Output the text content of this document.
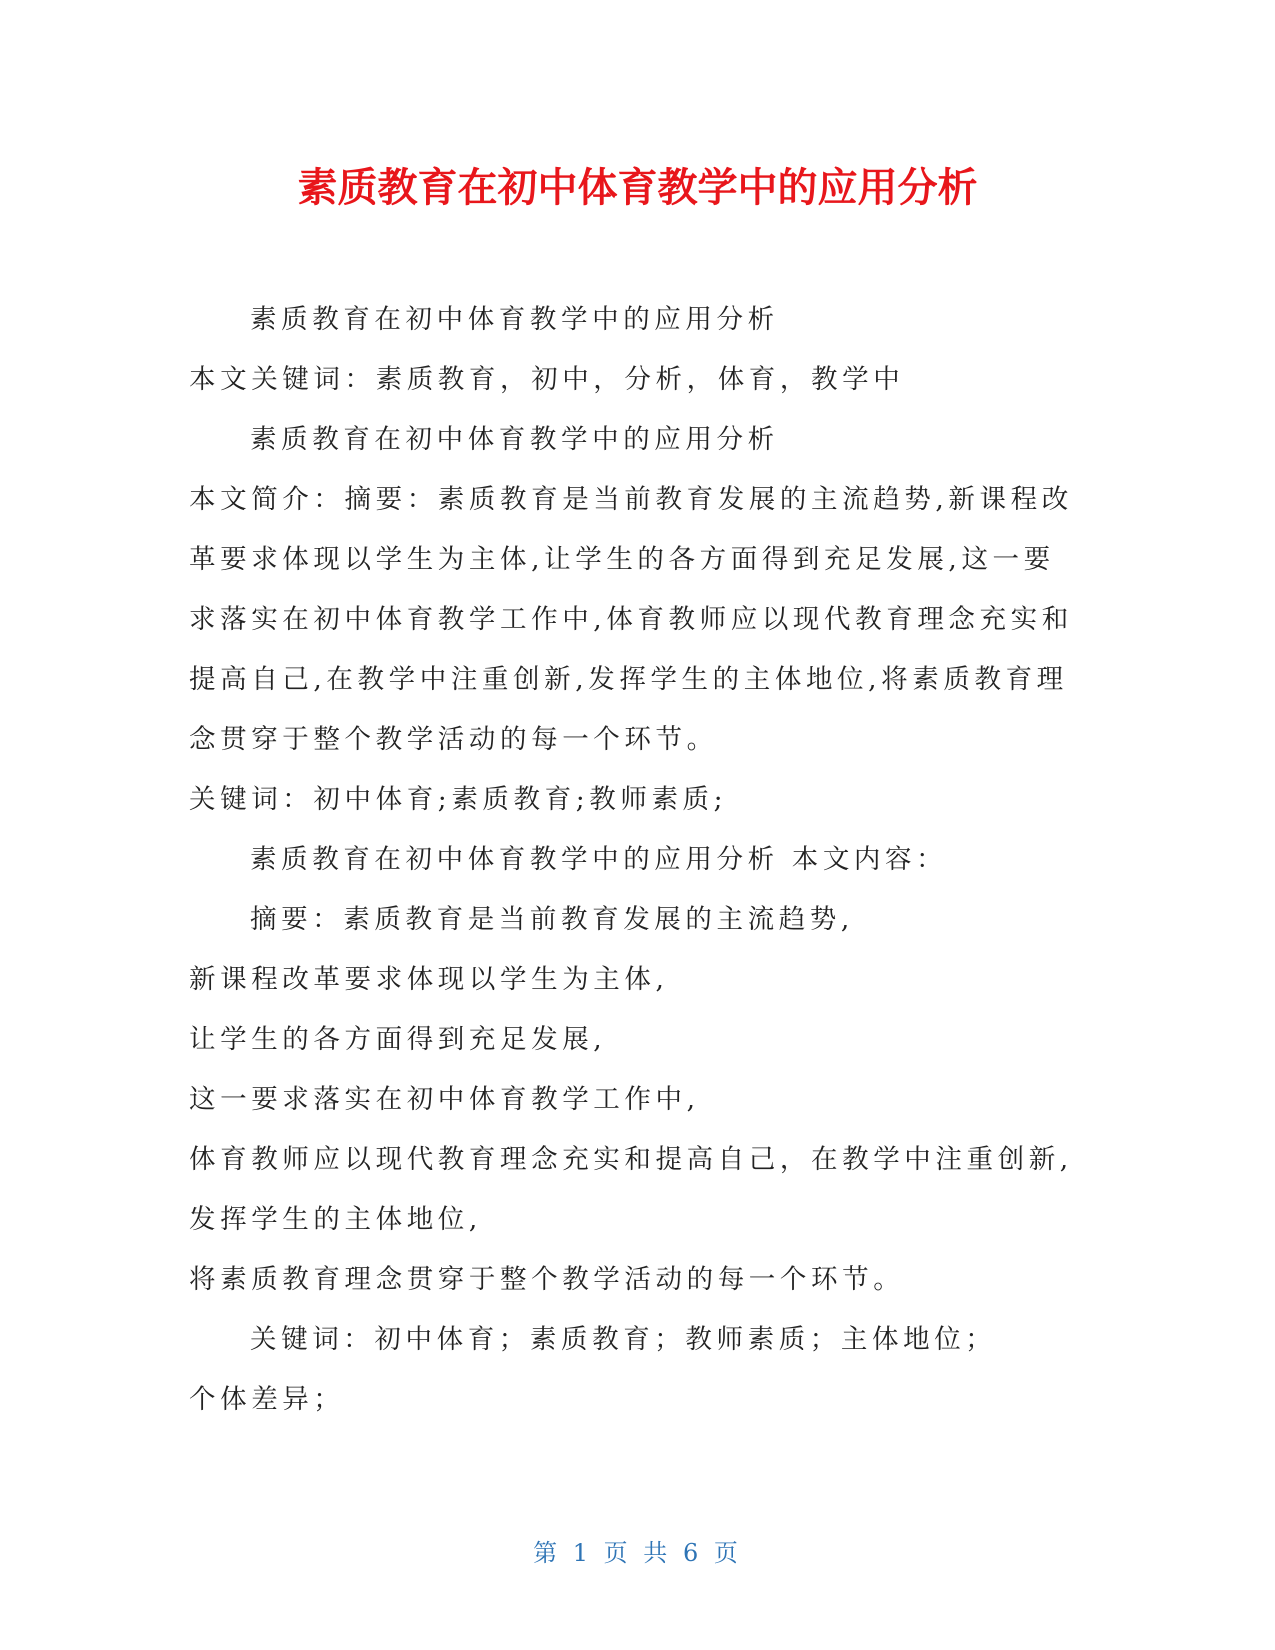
素质教育在初中体育教学中的应用分析
素质教育在初中体育教学中的应用分析
本文关键词：素质教育，初中，分析，体育，教学中
素质教育在初中体育教学中的应用分析
本文简介：摘要：素质教育是当前教育发展的主流趋势,新课程改
革要求体现以学生为主体,让学生的各方面得到充足发展,这一要
求落实在初中体育教学工作中,体育教师应以现代教育理念充实和
提高自己,在教学中注重创新,发挥学生的主体地位,将素质教育理
念贯穿于整个教学活动的每一个环节。
关键词：初中体育;素质教育;教师素质;
素质教育在初中体育教学中的应用分析 本文内容：
摘要：素质教育是当前教育发展的主流趋势,
新课程改革要求体现以学生为主体,
让学生的各方面得到充足发展,
这一要求落实在初中体育教学工作中,
体育教师应以现代教育理念充实和提高自己，在教学中注重创新,
发挥学生的主体地位,
将素质教育理念贯穿于整个教学活动的每一个环节。
关键词：初中体育；素质教育；教师素质；主体地位；
个体差异；
第 1 页 共 6 页
